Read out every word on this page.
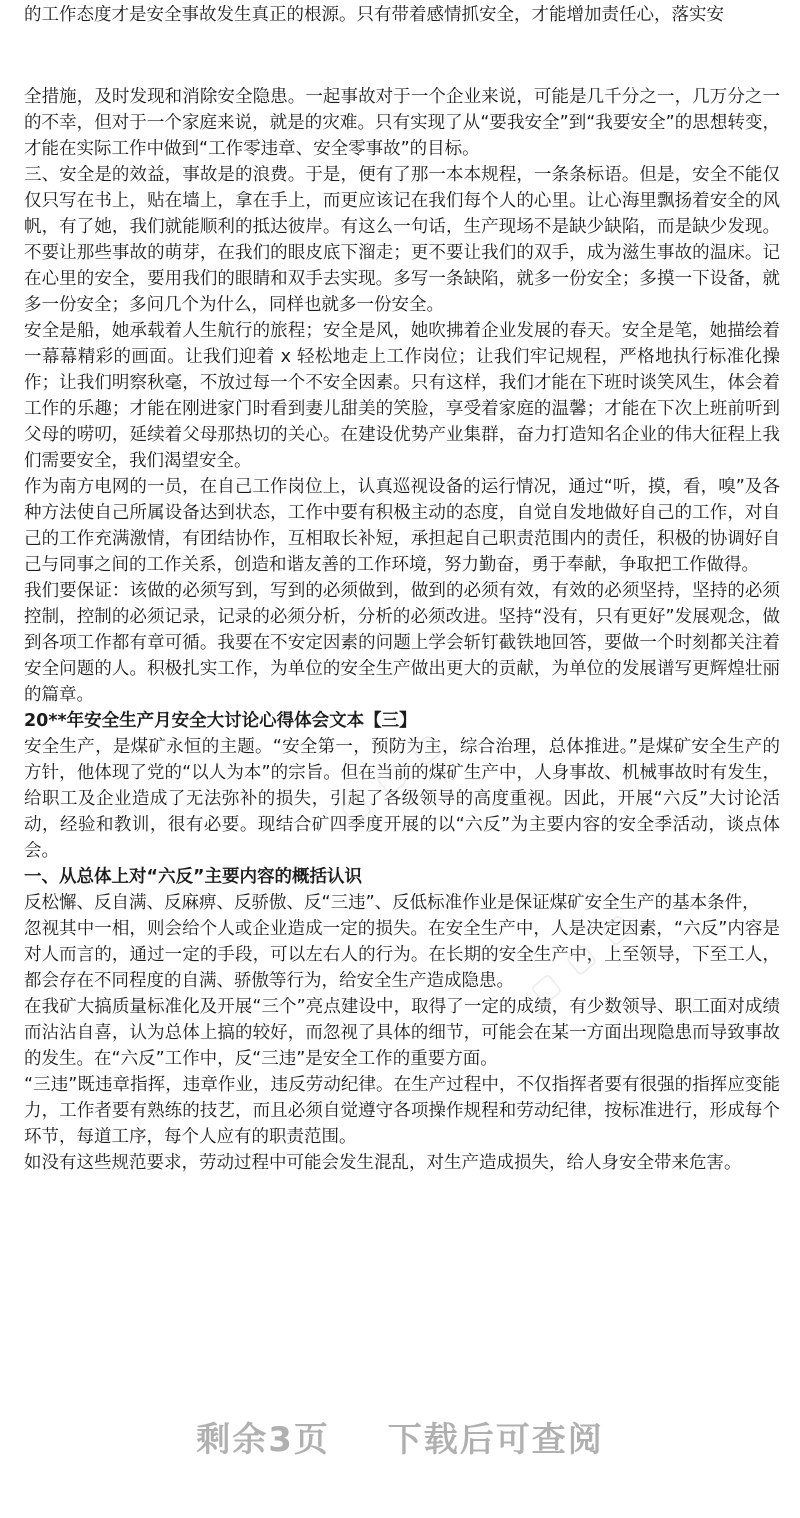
的工作态度才是安全事故发生真正的根源。只有带着感情抓安全，才能增加责任心，落实安

全措施，及时发现和消除安全隐患。一起事故对于一个企业来说，可能是几千分之一，几万分之一的不幸，但对于一个家庭来说，就是的灾难。只有实现了从“要我安全”到“我要安全”的思想转变，才能在实际工作中做到“工作零违章、安全零事故”的目标。

三、安全是的效益，事故是的浪费。于是，便有了那一本本规程，一条条标语。但是，安全不能仅仅只写在书上，贴在墙上，拿在手上，而更应该记在我们每个人的心里。让心海里飘扬着安全的风帆，有了她，我们就能顺利的抵达彼岸。有这么一句话，生产现场不是缺少缺陷，而是缺少发现。不要让那些事故的萌芽，在我们的眼皮底下溜走；更不要让我们的双手，成为滋生事故的温床。记在心里的安全，要用我们的眼睛和双手去实现。多写一条缺陷，就多一份安全；多摸一下设备，就多一份安全；多问几个为什么，同样也就多一份安全。

安全是船，她承载着人生航行的旅程；安全是风，她吹拂着企业发展的春天。安全是笔，她描绘着一幕幕精彩的画面。让我们迎着 x 轻松地走上工作岗位；让我们牢记规程，严格地执行标准化操作；让我们明察秋毫，不放过每一个不安全因素。只有这样，我们才能在下班时谈笑风生，体会着工作的乐趣；才能在刚进家门时看到妻儿甜美的笑脸，享受着家庭的温馨；才能在下次上班前听到父母的唠叨，延续着父母那热切的关心。在建设优势产业集群，奋力打造知名企业的伟大征程上我们需要安全，我们渴望安全。

作为南方电网的一员，在自己工作岗位上，认真巡视设备的运行情况，通过“听，摸，看，嗅”及各种方法使自己所属设备达到状态，工作中要有积极主动的态度，自觉自发地做好自己的工作，对自己的工作充满激情，有团结协作，互相取长补短，承担起自己职责范围内的责任，积极的协调好自己与同事之间的工作关系，创造和谐友善的工作环境，努力勤奋，勇于奉献，争取把工作做得。

我们要保证：该做的必须写到，写到的必须做到，做到的必须有效，有效的必须坚持，坚持的必须控制，控制的必须记录，记录的必须分析，分析的必须改进。坚持“没有，只有更好”发展观念，做到各项工作都有章可循。我要在不安定因素的问题上学会斩钉截铁地回答，要做一个时刻都关注着安全问题的人。积极扎实工作，为单位的安全生产做出更大的贡献，为单位的发展谱写更辉煌壮丽的篇章。

20**年安全生产月安全大讨论心得体会文本【三】

安全生产，是煤矿永恒的主题。“安全第一，预防为主，综合治理，总体推进。”是煤矿安全生产的方针，他体现了党的“以人为本”的宗旨。但在当前的煤矿生产中，人身事故、机械事故时有发生，给职工及企业造成了无法弥补的损失，引起了各级领导的高度重视。因此，开展“六反”大讨论活动，经验和教训，很有必要。现结合矿四季度开展的以“六反”为主要内容的安全季活动，谈点体会。

一、从总体上对“六反”主要内容的概括认识

反松懈、反自满、反麻痹、反骄傲、反“三违”、反低标准作业是保证煤矿安全生产的基本条件，

忽视其中一相，则会给个人或企业造成一定的损失。在安全生产中，人是决定因素，“六反”内容是对人而言的，通过一定的手段，可以左右人的行为。在长期的安全生产中，上至领导，下至工人，都会存在不同程度的自满、骄傲等行为，给安全生产造成隐患。

在我矿大搞质量标准化及开展“三个”亮点建设中，取得了一定的成绩，有少数领导、职工面对成绩而沾沾自喜，认为总体上搞的较好，而忽视了具体的细节，可能会在某一方面出现隐患而导致事故的发生。在“六反”工作中，反“三违”是安全工作的重要方面。

“三违”既违章指挥，违章作业，违反劳动纪律。在生产过程中，不仅指挥者要有很强的指挥应变能力，工作者要有熟练的技艺，而且必须自觉遵守各项操作规程和劳动纪律，按标准进行，形成每个环节，每道工序，每个人应有的职责范围。

如没有这些规范要求，劳动过程中可能会发生混乱，对生产造成损失，给人身安全带来危害。

▢ ▢ ▢
▢ ▢ ▢
剩余3页 下载后可查阅
